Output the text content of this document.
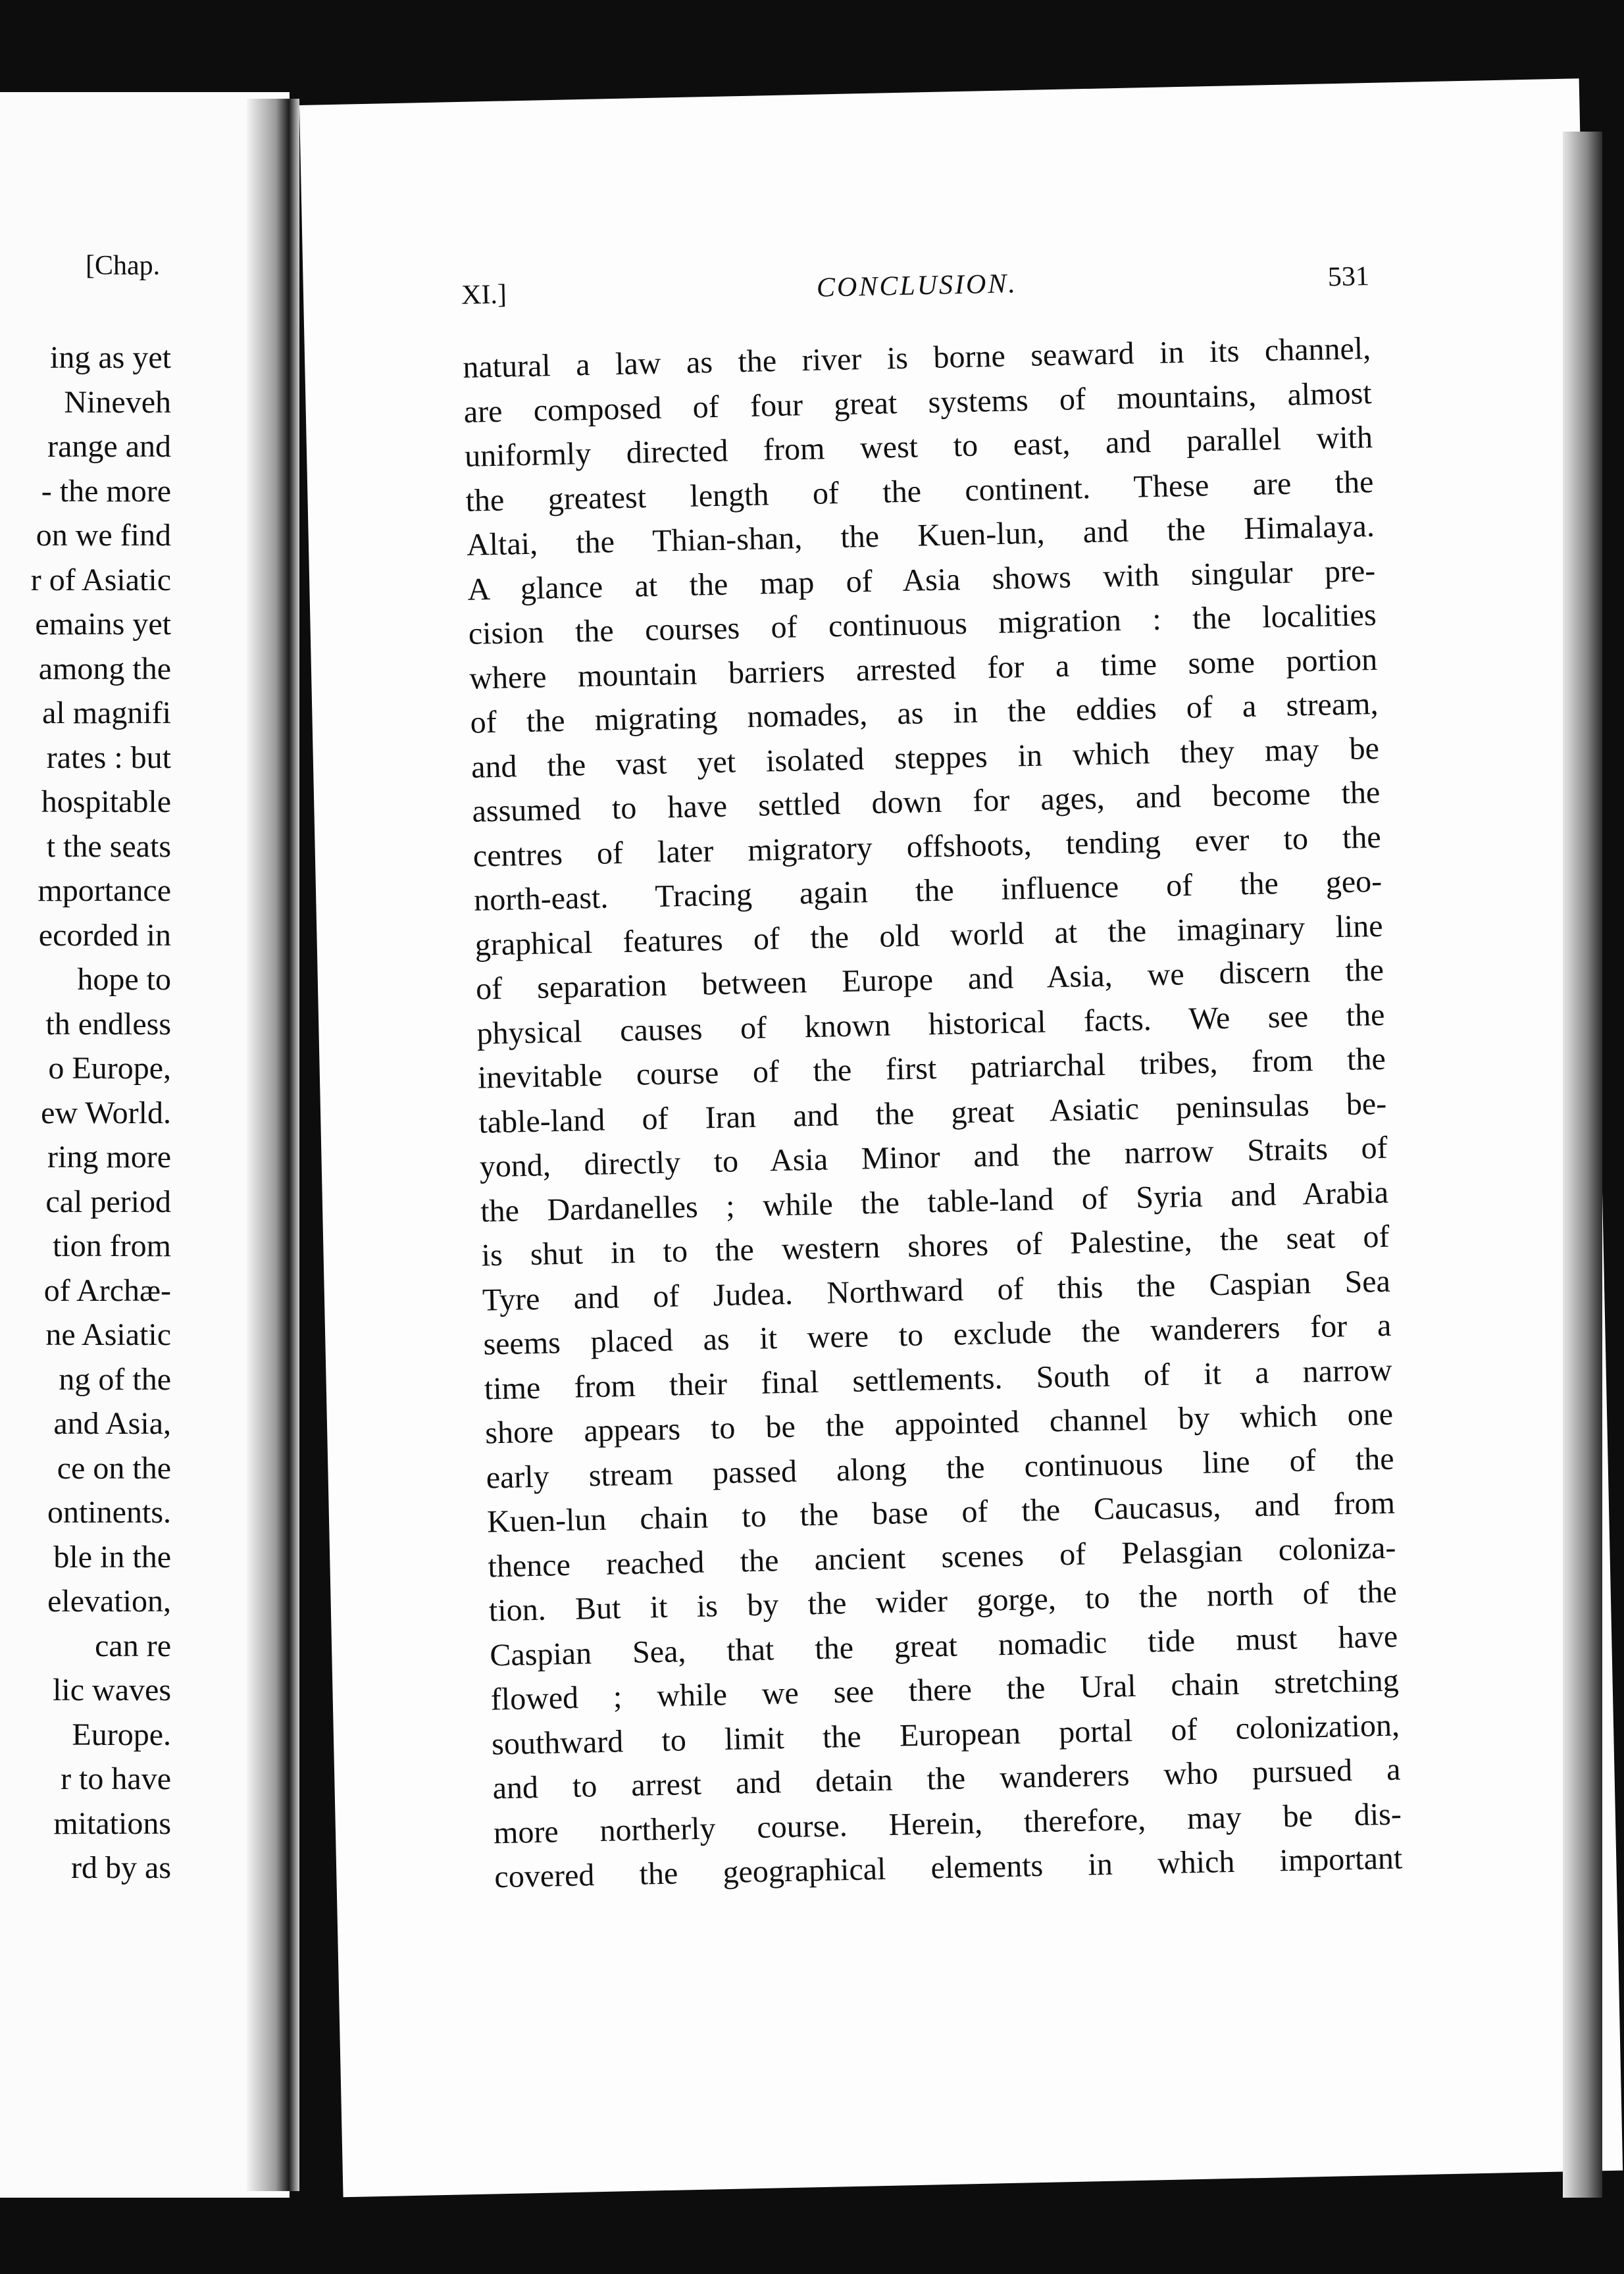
[Chap.
ing as yet
Nineveh
range and
- the more
on we find
r of Asiatic
emains yet
among the
al magnifi
rates : but
hospitable
t the seats
mportance
ecorded in
hope to
th endless
o Europe,
ew World.
ring more
cal period
tion from
of Archæ-
ne Asiatic
ng of the
and Asia,
ce on the
ontinents.
ble in the
elevation,
can re
lic waves
Europe.
r to have
mitations
rd by as
XI.]	CONCLUSION.	531
natural a law as the river is borne seaward in its channel,
are composed of four great systems of mountains, almost
uniformly directed from west to east, and parallel with
the greatest length of the continent. These are the
Altai, the Thian-shan, the Kuen-lun, and the Himalaya.
A glance at the map of Asia shows with singular pre-
cision the courses of continuous migration : the localities
where mountain barriers arrested for a time some portion
of the migrating nomades, as in the eddies of a stream,
and the vast yet isolated steppes in which they may be
assumed to have settled down for ages, and become the
centres of later migratory offshoots, tending ever to the
north-east. Tracing again the influence of the geo-
graphical features of the old world at the imaginary line
of separation between Europe and Asia, we discern the
physical causes of known historical facts. We see the
inevitable course of the first patriarchal tribes, from the
table-land of Iran and the great Asiatic peninsulas be-
yond, directly to Asia Minor and the narrow Straits of
the Dardanelles ; while the table-land of Syria and Arabia
is shut in to the western shores of Palestine, the seat of
Tyre and of Judea. Northward of this the Caspian Sea
seems placed as it were to exclude the wanderers for a
time from their final settlements. South of it a narrow
shore appears to be the appointed channel by which one
early stream passed along the continuous line of the
Kuen-lun chain to the base of the Caucasus, and from
thence reached the ancient scenes of Pelasgian coloniza-
tion. But it is by the wider gorge, to the north of the
Caspian Sea, that the great nomadic tide must have
flowed ; while we see there the Ural chain stretching
southward to limit the European portal of colonization,
and to arrest and detain the wanderers who pursued a
more northerly course. Herein, therefore, may be dis-
covered the geographical elements in which important
